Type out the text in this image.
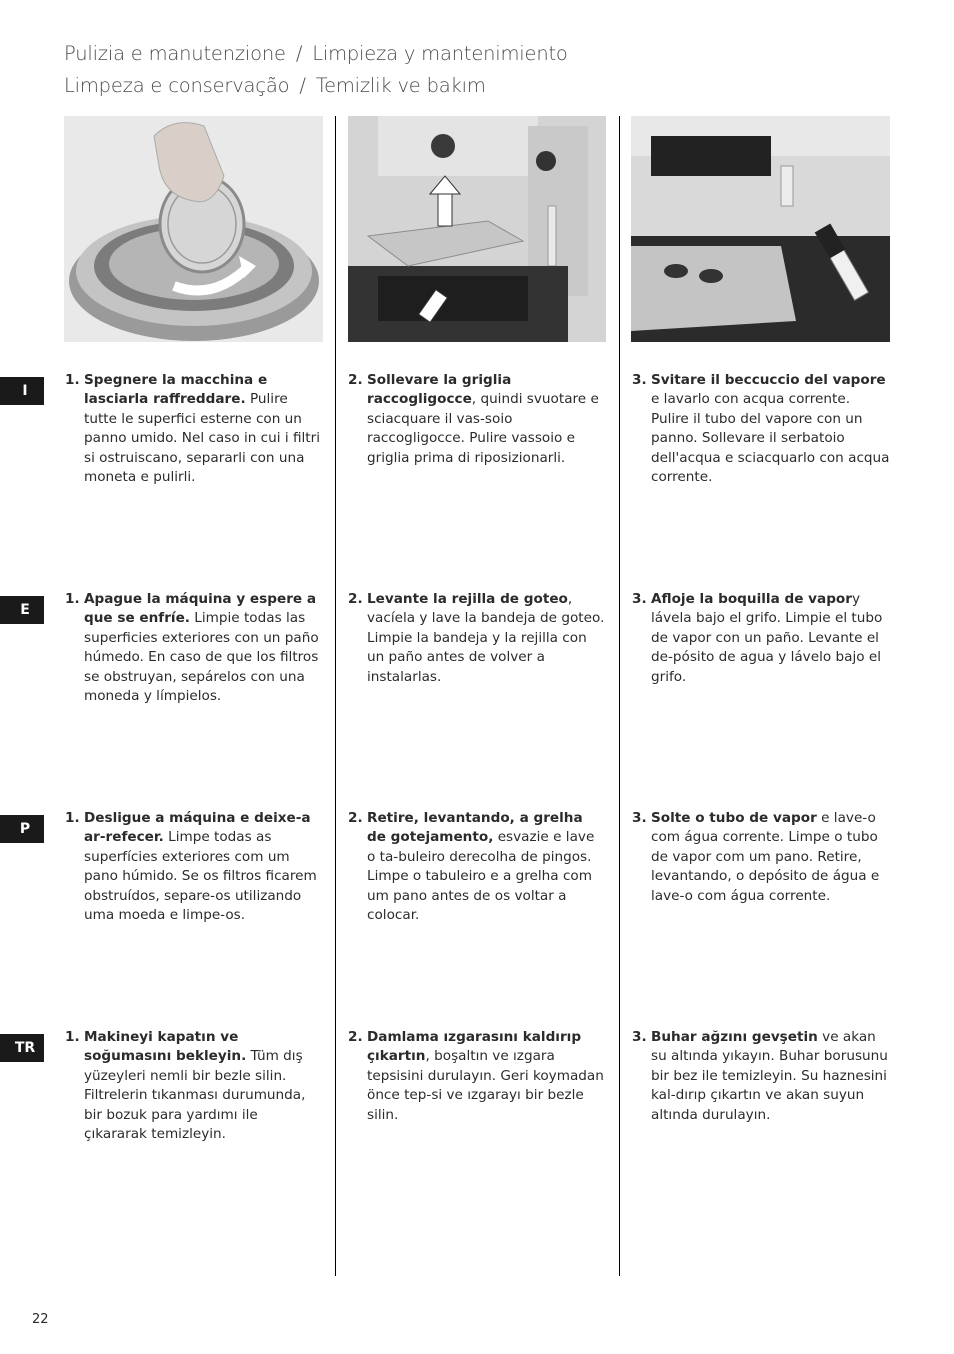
Pulizia e manutenzione / Limpieza y mantenimiento
Limpeza e conservação / Temizlik ve bakım
I
E
P
TR
1. Spegnere la macchina e lasciarla raffreddare. Pulire tutte le superfici esterne con un panno umido. Nel caso in cui i filtri si ostruiscano, separarli con una moneta e pulirli.
2. Sollevare la griglia raccogligocce, quindi svuotare e sciacquare il vas-soio raccogligocce. Pulire vassoio e griglia prima di riposizionarli.
3. Svitare il beccuccio del vapore e lavarlo con acqua corrente. Pulire il tubo del vapore con un panno. Sollevare il serbatoio dell'acqua e sciacquarlo con acqua corrente.
1. Apague la máquina y espere a que se enfríe. Limpie todas las superficies exteriores con un paño húmedo. En caso de que los filtros se obstruyan, sepárelos con una moneda y límpielos.
2. Levante la rejilla de goteo, vacíela y lave la bandeja de goteo. Limpie la bandeja y la rejilla con un paño antes de volver a instalarlas.
3. Afloje la boquilla de vapory lávela bajo el grifo. Limpie el tubo de vapor con un paño. Levante el de-pósito de agua y lávelo bajo el grifo.
1. Desligue a máquina e deixe-a ar-refecer. Limpe todas as superfícies exteriores com um pano húmido. Se os filtros ficarem obstruídos, separe-os utilizando uma moeda e limpe-os.
2. Retire, levantando, a grelha de gotejamento, esvazie e lave o ta-buleiro derecolha de pingos. Limpe o tabuleiro e a grelha com um pano antes de os voltar a colocar.
3. Solte o tubo de vapor e lave-o com água corrente. Limpe o tubo de vapor com um pano. Retire, levantando, o depósito de água e lave-o com água corrente.
1. Makineyi kapatın ve soğumasını bekleyin. Tüm dış yüzeyleri nemli bir bezle silin. Filtrelerin tıkanması durumunda, bir bozuk para yardımı ile çıkararak temizleyin.
2. Damlama ızgarasını kaldırıp çıkartın, boşaltın ve ızgara tepsisini durulayın. Geri koymadan önce tep-si ve ızgarayı bir bezle silin.
3. Buhar ağzını gevşetin ve akan su altında yıkayın. Buhar borusunu bir bez ile temizleyin. Su haznesini kal-dırıp çıkartın ve akan suyun altında durulayın.
22
